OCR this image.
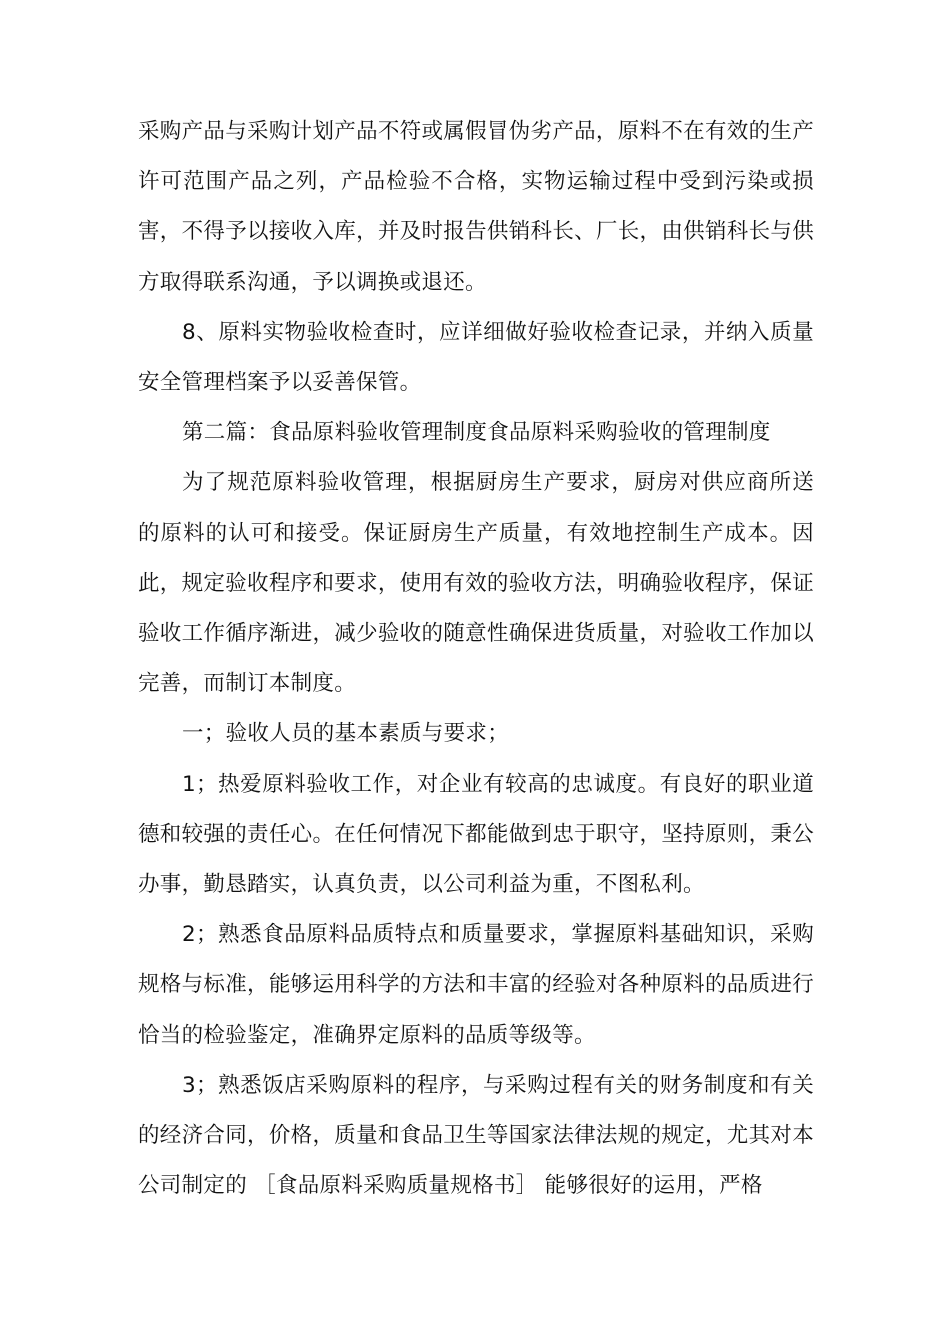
采购产品与采购计划产品不符或属假冒伪劣产品，原料不在有效的生产许可范围产品之列，产品检验不合格，实物运输过程中受到污染或损害，不得予以接收入库，并及时报告供销科长、厂长，由供销科长与供方取得联系沟通，予以调换或退还。

8、原料实物验收检查时，应详细做好验收检查记录，并纳入质量安全管理档案予以妥善保管。

第二篇：食品原料验收管理制度食品原料采购验收的管理制度

为了规范原料验收管理，根据厨房生产要求，厨房对供应商所送的原料的认可和接受。保证厨房生产质量，有效地控制生产成本。因此，规定验收程序和要求，使用有效的验收方法，明确验收程序，保证验收工作循序渐进，减少验收的随意性确保进货质量，对验收工作加以完善，而制订本制度。

一；验收人员的基本素质与要求；

1；热爱原料验收工作，对企业有较高的忠诚度。有良好的职业道德和较强的责任心。在任何情况下都能做到忠于职守，坚持原则，秉公办事，勤恳踏实，认真负责，以公司利益为重，不图私利。

2；熟悉食品原料品质特点和质量要求，掌握原料基础知识，采购规格与标准，能够运用科学的方法和丰富的经验对各种原料的品质进行恰当的检验鉴定，准确界定原料的品质等级等。

3；熟悉饭店采购原料的程序，与采购过程有关的财务制度和有关的经济合同，价格，质量和食品卫生等国家法律法规的规定，尤其对本公司制定的 ［食品原料采购质量规格书］ 能够很好的运用，严格
